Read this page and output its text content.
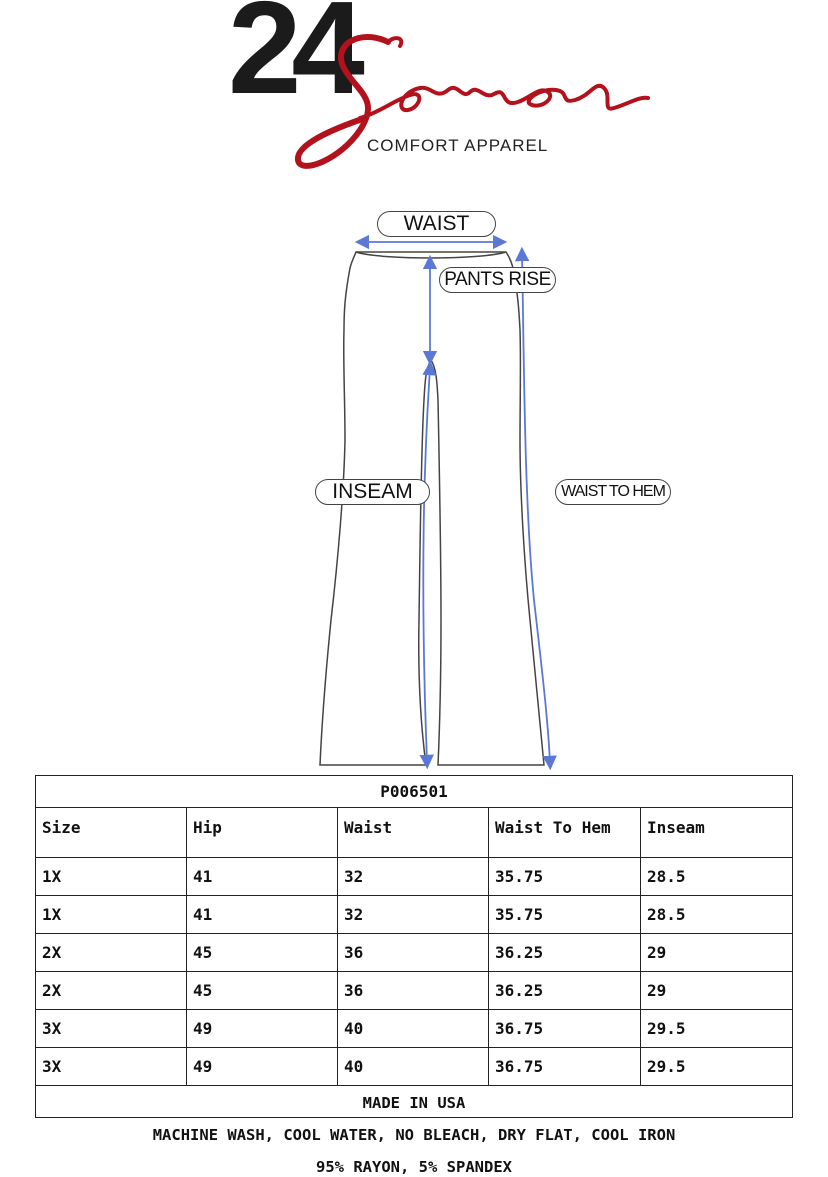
24
COMFORT APPAREL
WAIST
PANTS RISE
INSEAM	WAIST TO HEM
P006501				
Size	Hip	Waist	Waist To Hem	Inseam
1X	41	32	35.75	28.5
1X	41	32	35.75	28.5
2X	45	36	36.25	29
2X	45	36	36.25	29
3X	49	40	36.75	29.5
3X	49	40	36.75	29.5

MADE IN USA
MACHINE WASH, COOL WATER, NO BLEACH, DRY FLAT, COOL IRON
95% RAYON, 5% SPANDEX
